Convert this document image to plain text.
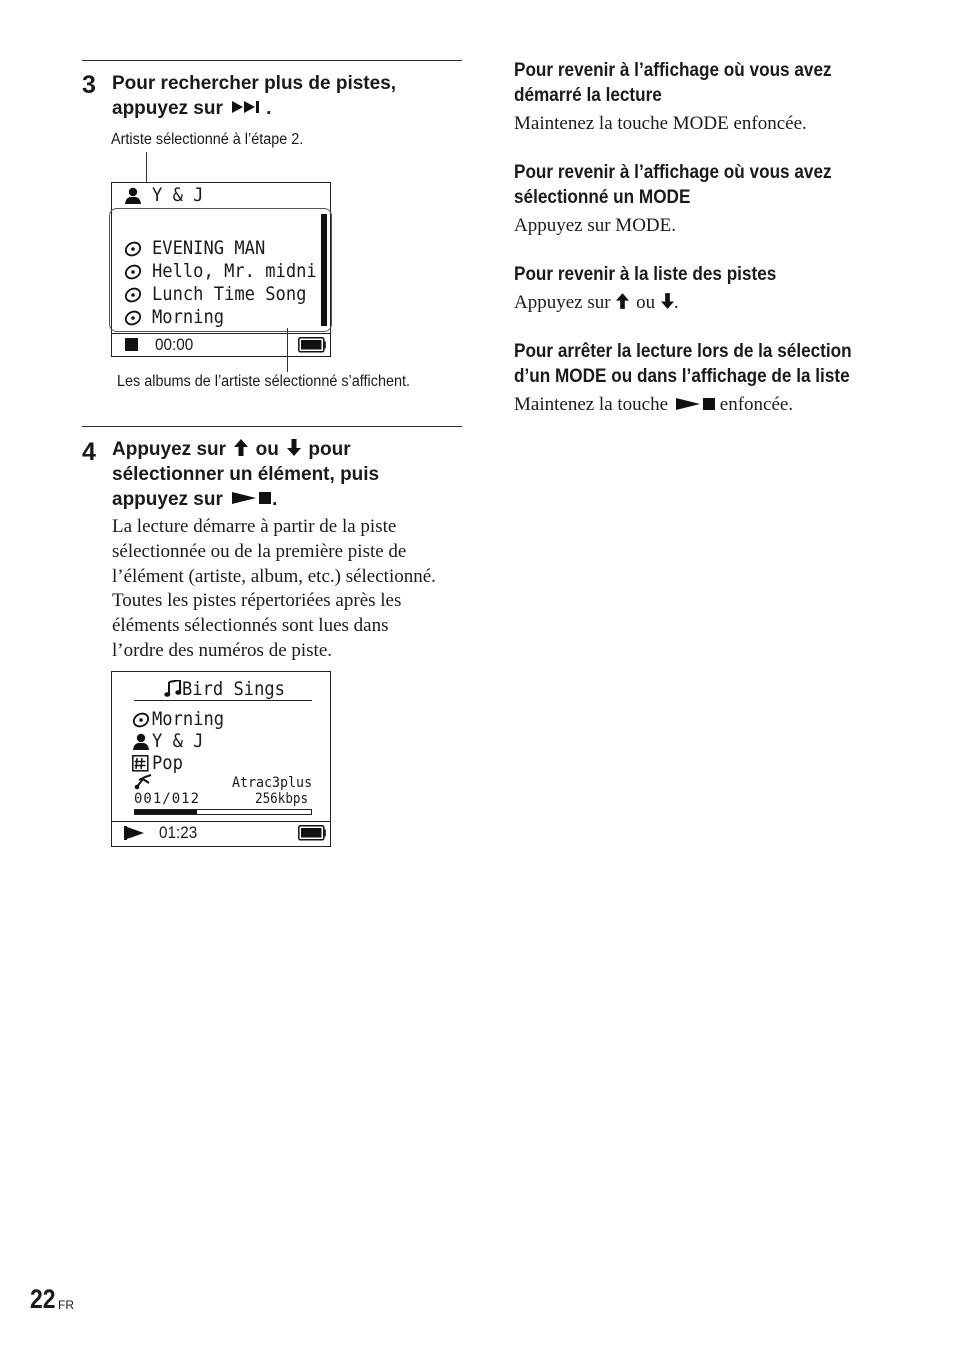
3 Pour rechercher plus de pistes,
appuyez sur .
Artiste sélectionné à l’étape 2.
Y & J
Best Hit Sony
EVENING MAN
Hello, Mr. midni
Lunch Time Song
Morning
00:00
Les albums de l’artiste sélectionné s’affichent.
4 Appuyez sur ou pour
sélectionner un élément, puis
appuyez sur	.
La lecture démarre à partir de la piste
sélectionnée ou de la première piste de
l’élément (artiste, album, etc.) sélectionné.
Toutes les pistes répertoriées après les
éléments sélectionnés sont lues dans
l’ordre des numéros de piste.
Bird Sings
Morning
Y & J
Pop
Atrac3plus
001/012	256kbps
01:23
Pour revenir à l’affichage où vous avez
démarré la lecture
Maintenez la touche MODE enfoncée.
Pour revenir à l’affichage où vous avez
sélectionné un MODE
Appuyez sur MODE.
Pour revenir à la liste des pistes
Appuyez sur ou .
Pour arrêter la lecture lors de la sélection
d’un MODE ou dans l’affichage de la liste
Maintenez la touche	enfoncée.
22 FR
